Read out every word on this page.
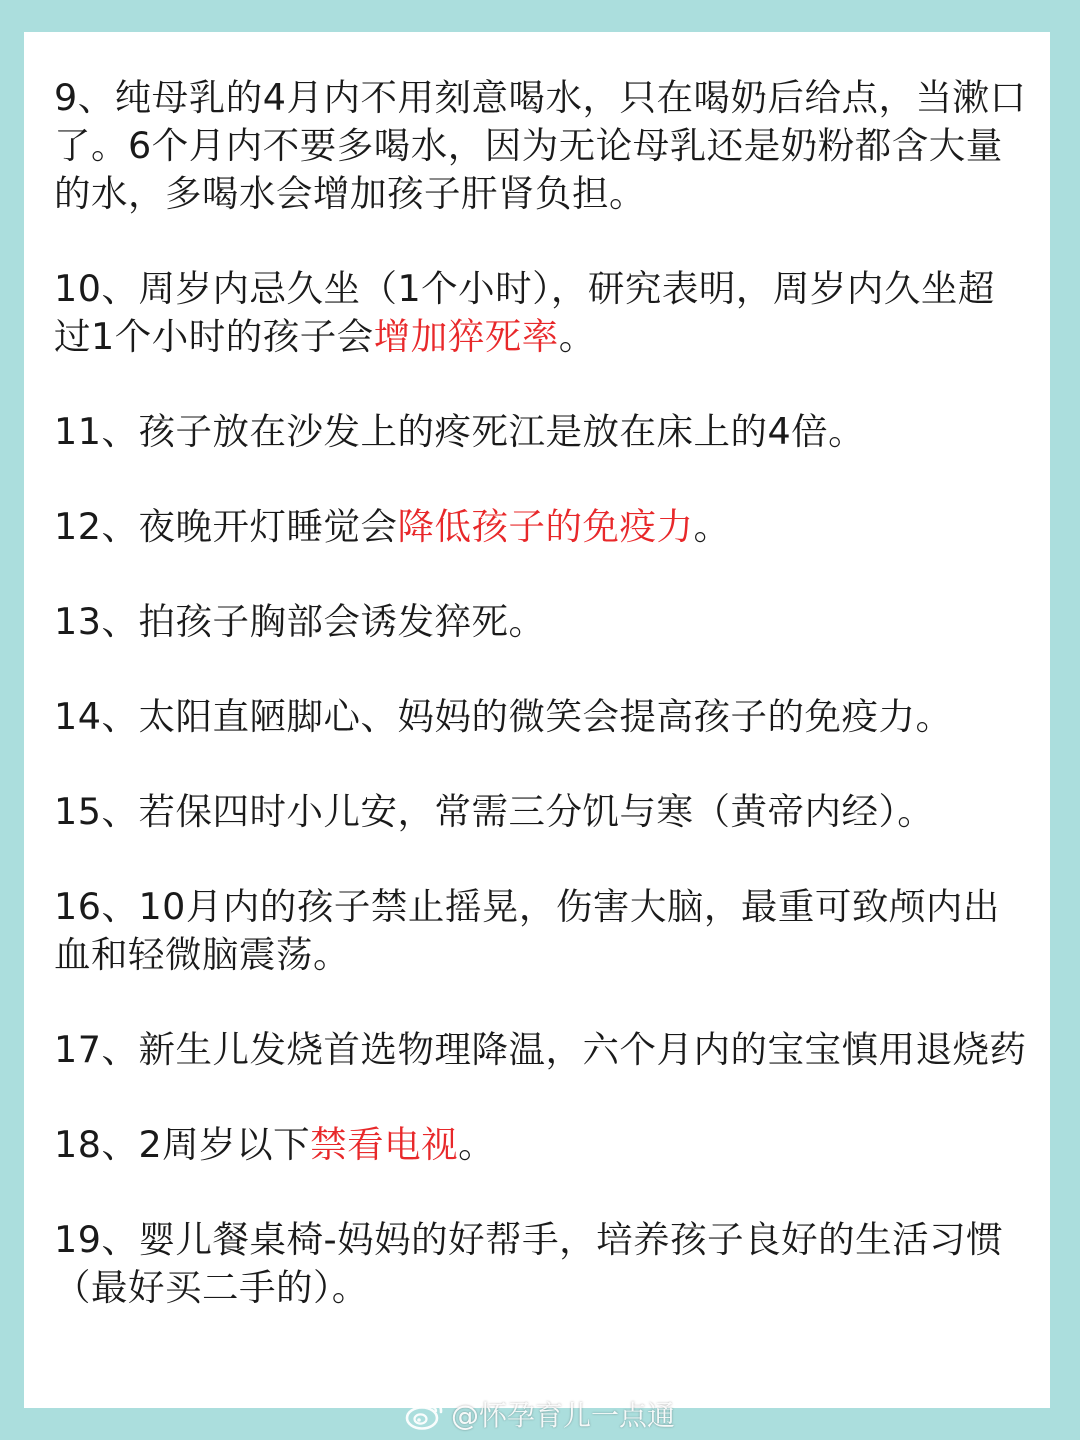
9、纯母乳的4月内不用刻意喝水，只在喝奶后给点，当漱口了。6个月内不要多喝水，因为无论母乳还是奶粉都含大量的水，多喝水会增加孩子肝肾负担。

10、周岁内忌久坐（1个小时），研究表明，周岁内久坐超过1个小时的孩子会增加猝死率。

11、孩子放在沙发上的疼死江是放在床上的4倍。

12、夜晚开灯睡觉会降低孩子的免疫力。

13、拍孩子胸部会诱发猝死。

14、太阳直陋脚心、妈妈的微笑会提高孩子的免疫力。

15、若保四时小儿安，常需三分饥与寒（黄帝内经）。

16、10月内的孩子禁止摇晃，伤害大脑，最重可致颅内出血和轻微脑震荡。

17、新生儿发烧首选物理降温，六个月内的宝宝慎用退烧药

18、2周岁以下禁看电视。

19、婴儿餐桌椅-妈妈的好帮手，培养孩子良好的生活习惯（最好买二手的）。

@怀孕育儿一点通
